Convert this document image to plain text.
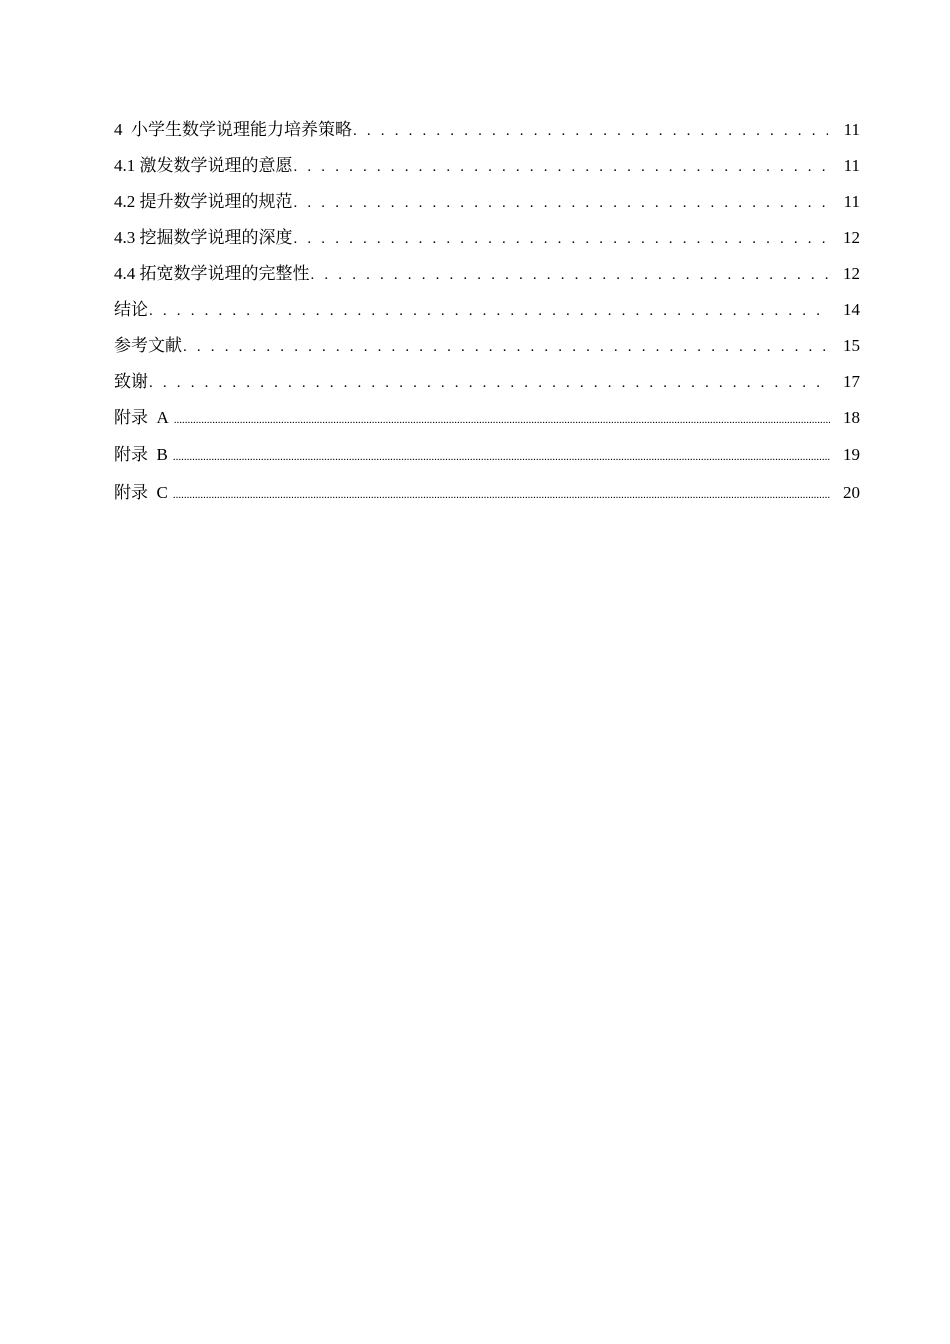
4  小学生数学说理能力培养策略 . . .	11
4.1 激发数学说理的意愿 . . .	11
4.2 提升数学说理的规范 . . .	11
4.3 挖掘数学说理的深度 . . .	12
4.4 拓宽数学说理的完整性 . . .	12
结论 . . .	14
参考文献 . . .	15
致谢 . . .	17
附录  A .....	18
附录  B .....	19
附录  C .....	20
